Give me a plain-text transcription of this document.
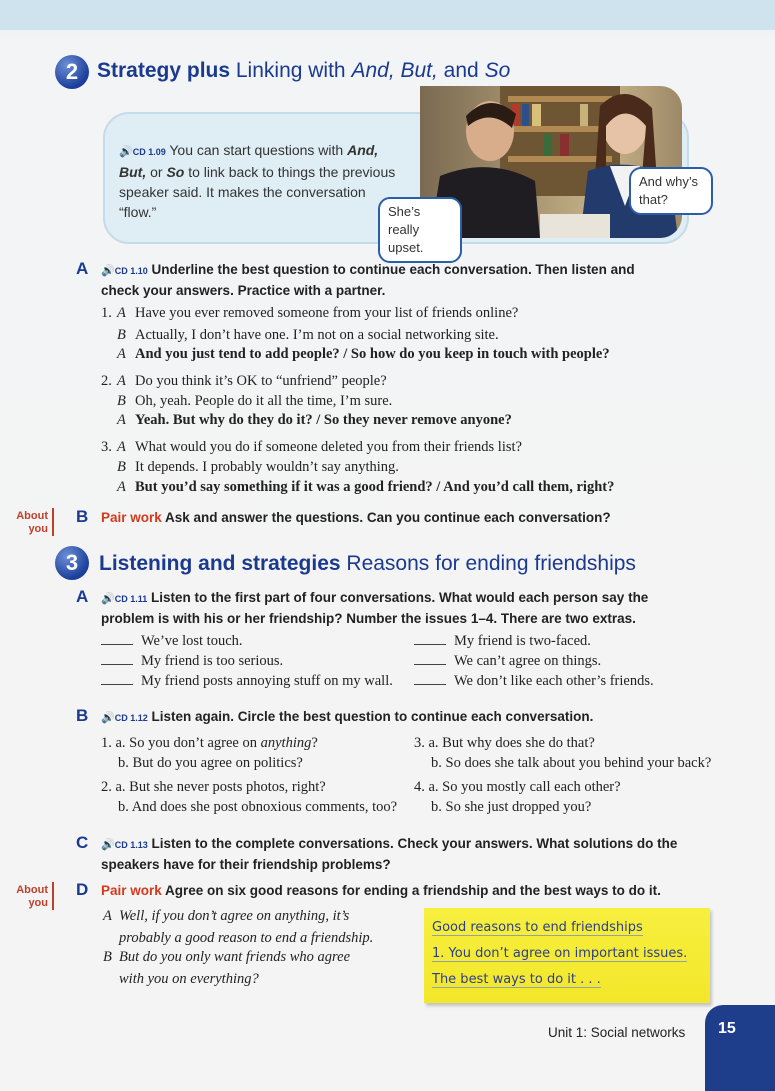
2 Strategy plus Linking with And, But, and So
🔊CD 1.09 You can start questions with And,
But, or So to link back to things the previous
speaker said. It makes the conversation
“flow.”	She’s really upset.
And why’s that?
A 🔊CD 1.10 Underline the best question to continue each conversation. Then listen and
check your answers. Practice with a partner.
1. A Have you ever removed someone from your list of friends online?
B Actually, I don’t have one. I’m not on a social networking site.
A And you just tend to add people? / So how do you keep in touch with people?
2. A Do you think it’s OK to “unfriend” people?
B Oh, yeah. People do it all the time, I’m sure.
A Yeah. But why do they do it? / So they never remove anyone?
3. A What would you do if someone deleted you from their friends list?
B It depends. I probably wouldn’t say anything.
A But you’d say something if it was a good friend? / And you’d call them, right?
About
you
B Pair work Ask and answer the questions. Can you continue each conversation?
3 Listening and strategies Reasons for ending friendships
A 🔊CD 1.11 Listen to the first part of four conversations. What would each person say the
problem is with his or her friendship? Number the issues 1–4. There are two extras.
We’ve lost touch.
My friend is too serious.
My friend posts annoying stuff on my wall.
My friend is two-faced.
We can’t agree on things.
We don’t like each other’s friends.
B 🔊CD 1.12 Listen again. Circle the best question to continue each conversation.
1. a. So you don’t agree on anything?
b. But do you agree on politics?
2. a. But she never posts photos, right?
b. And does she post obnoxious comments, too?
3. a. But why does she do that?
b. So does she talk about you behind your back?
4. a. So you mostly call each other?
b. So she just dropped you?
C 🔊CD 1.13 Listen to the complete conversations. Check your answers. What solutions do the
speakers have for their friendship problems?
About
you
D Pair work Agree on six good reasons for ending a friendship and the best ways to do it.
A Well, if you don’t agree on anything, it’s
probably a good reason to end a friendship.
B But do you only want friends who agree
with you on everything?
Good reasons to end friendships
1. You don’t agree on important issues.
The best ways to do it . . .
Unit 1: Social networks 15
